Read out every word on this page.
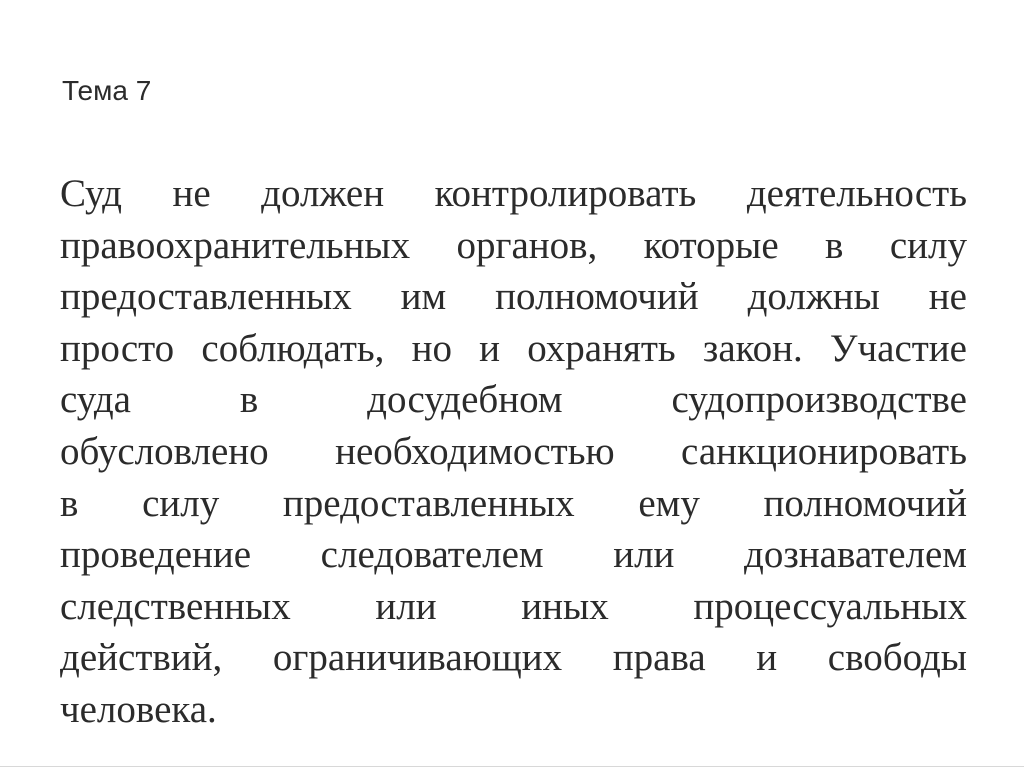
Тема 7
Суд не должен контролировать деятельность
правоохранительных органов, которые в силу
предоставленных им полномочий должны не
просто соблюдать, но и охранять закон. Участие
суда в досудебном судопроизводстве
обусловлено необходимостью санкционировать
в силу предоставленных ему полномочий
проведение следователем или дознавателем
следственных или иных процессуальных
действий, ограничивающих права и свободы
человека.
